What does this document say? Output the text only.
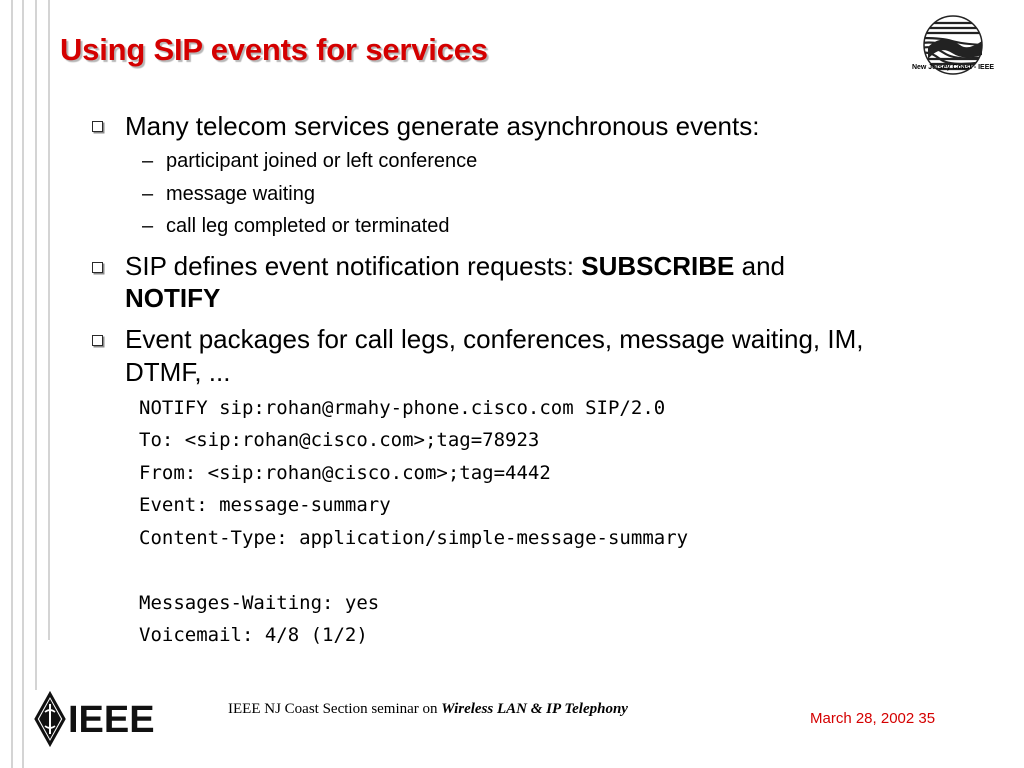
Using SIP events for services
New Jersey Coast - IEEE
Many telecom services generate asynchronous events:
– participant joined or left conference
– message waiting
– call leg completed or terminated
SIP defines event notification requests: SUBSCRIBE and
NOTIFY
Event packages for call legs, conferences, message waiting, IM,
DTMF, ...
NOTIFY sip:rohan@rmahy-phone.cisco.com SIP/2.0
To: <sip:rohan@cisco.com>;tag=78923
From: <sip:rohan@cisco.com>;tag=4442
Event: message-summary
Content-Type: application/simple-message-summary
Messages-Waiting: yes
Voicemail: 4/8 (1/2)
IEEE	IEEE NJ Coast Section seminar on Wireless LAN & IP Telephony
March 28, 2002 35
